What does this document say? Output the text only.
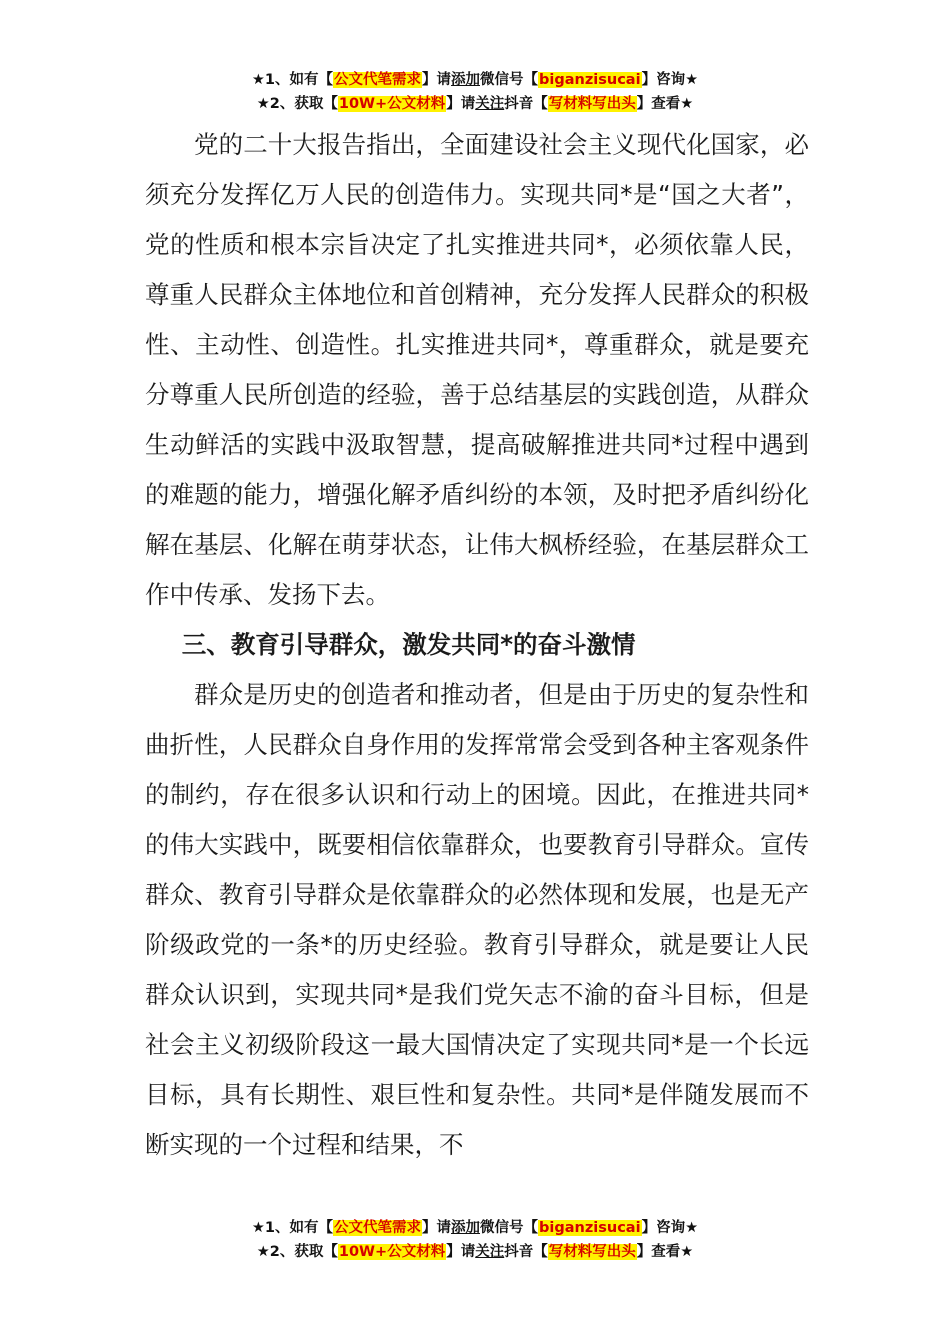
★1、如有【公文代笔需求】请添加微信号【biganzisucai】咨询★
★2、获取【10W+公文材料】请关注抖音【写材料写出头】查看★

党的二十大报告指出，全面建设社会主义现代化国家，必须充分发挥亿万人民的创造伟力。实现共同*是“国之大者”，党的性质和根本宗旨决定了扎实推进共同*，必须依靠人民，尊重人民群众主体地位和首创精神，充分发挥人民群众的积极性、主动性、创造性。扎实推进共同*，尊重群众，就是要充分尊重人民所创造的经验，善于总结基层的实践创造，从群众生动鲜活的实践中汲取智慧，提高破解推进共同*过程中遇到的难题的能力，增强化解矛盾纠纷的本领，及时把矛盾纠纷化解在基层、化解在萌芽状态，让伟大枫桥经验，在基层群众工作中传承、发扬下去。

三、教育引导群众，激发共同*的奋斗激情

群众是历史的创造者和推动者，但是由于历史的复杂性和曲折性，人民群众自身作用的发挥常常会受到各种主客观条件的制约，存在很多认识和行动上的困境。因此，在推进共同*的伟大实践中，既要相信依靠群众，也要教育引导群众。宣传群众、教育引导群众是依靠群众的必然体现和发展，也是无产阶级政党的一条*的历史经验。教育引导群众，就是要让人民群众认识到，实现共同*是我们党矢志不渝的奋斗目标，但是社会主义初级阶段这一最大国情决定了实现共同*是一个长远目标，具有长期性、艰巨性和复杂性。共同*是伴随发展而不断实现的一个过程和结果，不

★1、如有【公文代笔需求】请添加微信号【biganzisucai】咨询★
★2、获取【10W+公文材料】请关注抖音【写材料写出头】查看★
